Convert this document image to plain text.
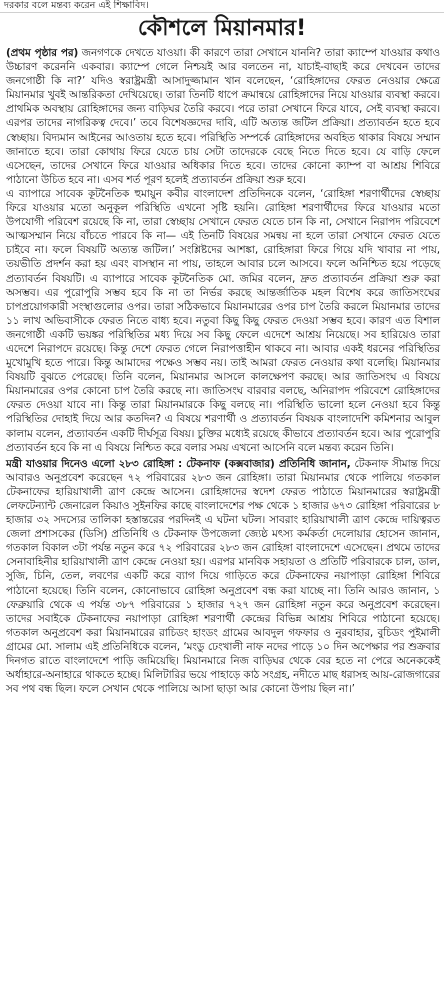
দরকার বলে মন্তব্য করেন এই শিক্ষাবিদ।
কৌশলে মিয়ানমার!

(প্রথম পৃষ্ঠার পর) জনগণকে দেখতে যাওয়া। কী কারণে তারা সেখানে যাননি? তারা ক্যাম্পে যাওয়ার কথাও উচ্চারণ করেননি একবার। ক্যাম্পে গেলে নিশ্চয়ই আর বলতেন না, যাচাই-বাছাই করে দেখবেন তাদের জনগোষ্ঠী কি না?’ যদিও স্বরাষ্ট্রমন্ত্রী আসাদুজ্জামান খান বলেছেন, ‘রোহিঙ্গাদের ফেরত নেওয়ার ক্ষেত্রে মিয়ানমার খুবই আন্তরিকতা দেখিয়েছে। তারা তিনটি ধাপে ক্রমান্বয়ে রোহিঙ্গাদের নিয়ে যাওয়ার ব্যবস্থা করবে। প্রাথমিক অবস্থায় রোহিঙ্গাদের জন্য বাড়িঘর তৈরি করবে। পরে তারা সেখানে ফিরে যাবে, সেই ব্যবস্থা করবে। এরপর তাদের নাগরিকত্ব দেবে।’ তবে বিশেষজ্ঞদের দাবি, এটি অত্যন্ত জটিল প্রক্রিয়া। প্রত্যাবর্তন হতে হবে স্বেচ্ছায়। বিদ্যমান আইনের আওতায় হতে হবে। পরিস্থিতি সম্পর্কে রোহিঙ্গাদের অবহিত থাকার বিষয়ে সম্মান জানাতে হবে। তারা কোথায় ফিরে যেতে চায় সেটা তাদেরকে বেছে নিতে দিতে হবে। যে বাড়ি ফেলে এসেছেন, তাদের সেখানে ফিরে যাওয়ার অধিকার দিতে হবে। তাদের কোনো ক্যাম্প বা আশ্রয় শিবিরে পাঠানো উচিত হবে না। এসব শর্ত পূরণ হলেই প্রত্যাবর্তন প্রক্রিয়া শুরু হবে।

এ ব্যাপারে সাবেক কূটনৈতিক হুমায়ুন কবীর বাংলাদেশ প্রতিদিনকে বলেন, ‘রোহিঙ্গা শরণার্থীদের স্বেচ্ছায় ফিরে যাওয়ার মতো অনুকূল পরিস্থিতি এখনো সৃষ্টি হয়নি। রোহিঙ্গা শরণার্থীদের ফিরে যাওয়ার মতো উপযোগী পরিবেশ রয়েছে কি না, তারা স্বেচ্ছায় সেখানে ফেরত যেতে চান কি না, সেখানে নিরাপদ পরিবেশে আত্মসম্মান নিয়ে বাঁচতে পারবে কি না— এই তিনটি বিষয়ের সমন্বয় না হলে তারা সেখানে ফেরত যেতে চাইবে না। ফলে বিষয়টি অত্যন্ত জটিল।’ সংশ্লিষ্টদের আশঙ্কা, রোহিঙ্গারা ফিরে গিয়ে যদি খাবার না পায়, তয়ভীতি প্রদর্শন করা হয় এবং বাসস্থান না পায়, তাহলে আবার চলে আসবে। ফলে অনিশ্চিত হয়ে পড়েছে প্রত্যাবর্তন বিষয়টি। এ ব্যাপারে সাবেক কূটনৈতিক মো. জমির বলেন, দ্রুত প্রত্যাবর্তন প্রক্রিয়া শুরু করা অসম্ভব। এর পুরোপুরি সম্ভব হবে কি না তা নির্ভর করছে আন্তর্জাতিক মহল বিশেষ করে জাতিসংঘের চাপপ্রয়োগকারী সংস্থাগুলোর ওপর। তারা সঠিকভাবে মিয়ানমারের ওপর চাপ তৈরি করলে মিয়ানমার তাদের ১১ লাখ অভিবাসীকে ফেরত নিতে বাধ্য হবে। নতুবা কিছু কিছু ফেরত দেওয়া সম্ভব হবে। কারণ এত বিশাল জনগোষ্ঠী একটি ভয়ঙ্কর পরিস্থিতির মধ্য দিয়ে সব কিছু ফেলে এদেশে আশ্রয় নিয়েছে। সব হারিয়েও তারা এদেশে নিরাপদে রয়েছে। কিন্তু দেশে ফেরত গেলে নিরাপত্তাহীন থাকবে না। আবার একই ধরনের পরিস্থিতির মুখোমুখি হতে পারে। কিন্তু আমাদের পক্ষেও সম্ভব নয়। তাই আমরা ফেরত নেওয়ার কথা বলেছি। মিয়ানমার বিষয়টি বুঝতে পেরেছে। তিনি বলেন, মিয়ানমার আসলে কালক্ষেপণ করছে। আর জাতিসংঘ এ বিষয়ে মিয়ানমারের ওপর কোনো চাপ তৈরি করছে না। জাতিসংঘ বারবার বলছে, অনিরাপদ পরিবেশে রোহিঙ্গাদের ফেরত দেওয়া যাবে না। কিন্তু তারা মিয়ানমারকে কিছু বলছে না। পরিস্থিতি ভালো হলে নেওয়া হবে কিন্তু পরিস্থিতির দোহাই দিয়ে আর কতদিন? এ বিষয়ে শরণার্থী ও প্রত্যাবর্তন বিষয়ক বাংলাদেশি কমিশনার আবুল কালাম বলেন, প্রত্যাবর্তন একটি দীর্ঘসূত্র বিষয়। চুক্তির মধ্যেই রয়েছে কীভাবে প্রত্যাবর্তন হবে। আর পুরোপুরি প্রত্যাবর্তন হবে কি না এ বিষয়ে নিশ্চিত করে বলার সময় এখনো আসেনি বলে মন্তব্য করেন তিনি।

মন্ত্রী যাওয়ার দিনেও এলো ২৮৩ রোহিঙ্গা : টেকনাফ (কক্সবাজার) প্রতিনিধি জানান, টেকনাফ সীমান্ত দিয়ে আবারও অনুপ্রবেশ করেছেন ৭২ পরিবারের ২৮৩ জন রোহিঙ্গা। তারা মিয়ানমার থেকে পালিয়ে গতকাল টেকনাফের হারিয়াখালী ত্রাণ কেন্দ্রে আসেন। রোহিঙ্গাদের স্বদেশ ফেরত পাঠাতে মিয়ানমারের স্বরাষ্ট্রমন্ত্রী লেফটেন্যান্ট জেনারেল কিয়াও সুইনফির কাছে বাংলাদেশের পক্ষ থেকে ১ হাজার ৬৭৩ রোহিঙ্গা পরিবারের ৮ হাজার ৩২ সদস্যের তালিকা হস্তান্তরের পরদিনই এ ঘটনা ঘটল। সাবরাং হারিয়াখালী ত্রাণ কেন্দ্রে দায়িত্বরত জেলা প্রশাসকের (ডিসি) প্রতিনিধি ও টেকনাফ উপজেলা জ্যেষ্ঠ মৎস্য কর্মকর্তা দেলোয়ার হোসেন জানান, গতকাল বিকাল ৩টা পর্যন্ত নতুন করে ৭২ পরিবারের ২৮৩ জন রোহিঙ্গা বাংলাদেশে এসেছেন। প্রথমে তাদের সেনাবাহিনীর হারিয়াখালী ত্রাণ কেন্দ্রে নেওয়া হয়। এরপর মানবিক সহায়তা ও প্রতিটি পরিবারকে চাল, ডাল, সুজি, চিনি, তেল, লবণের একটি করে ব্যাগ দিয়ে গাড়িতে করে টেকনাফের নয়াপাড়া রোহিঙ্গা শিবিরে পাঠানো হয়েছে। তিনি বলেন, কোনোভাবে রোহিঙ্গা অনুপ্রবেশ বন্ধ করা যাচ্ছে না। তিনি আরও জানান, ১ ফেব্রুয়ারি থেকে এ পর্যন্ত ৩৮৭ পরিবারের ১ হাজার ৭২৭ জন রোহিঙ্গা নতুন করে অনুপ্রবেশ করেছেন। তাদের সবাইকে টেকনাফের নয়াপাড়া রোহিঙ্গা শরণার্থী কেন্দ্রের বিভিন্ন আশ্রয় শিবিরে পাঠানো হয়েছে। গতকাল অনুপ্রবেশ করা মিয়ানমারের রাচিডং হাংডং গ্রামের আবদুল গফফার ও নুরবাহার, বুচিডং পুইমালী গ্রামের মো. সালাম এই প্রতিনিধিকে বলেন, ‘মংডু ঢেংখালী নাফ নদের পাড়ে ১০ দিন অপেক্ষার পর শুক্রবার দিনগত রাতে বাংলাদেশে পাড়ি জমিয়েছি। মিয়ানমারে নিজ বাড়িঘর থেকে বের হতে না পেরে অনেককেই অর্ধাহারে-অনাহারে থাকতে হচ্ছে। মিলিটারির ভয়ে পাহাড়ে কাঠ সংগ্রহ, নদীতে মাছ ধরাসহ আয়-রোজগারের সব পথ বন্ধ ছিল। ফলে সেখান থেকে পালিয়ে আসা ছাড়া আর কোনো উপায় ছিল না।’
